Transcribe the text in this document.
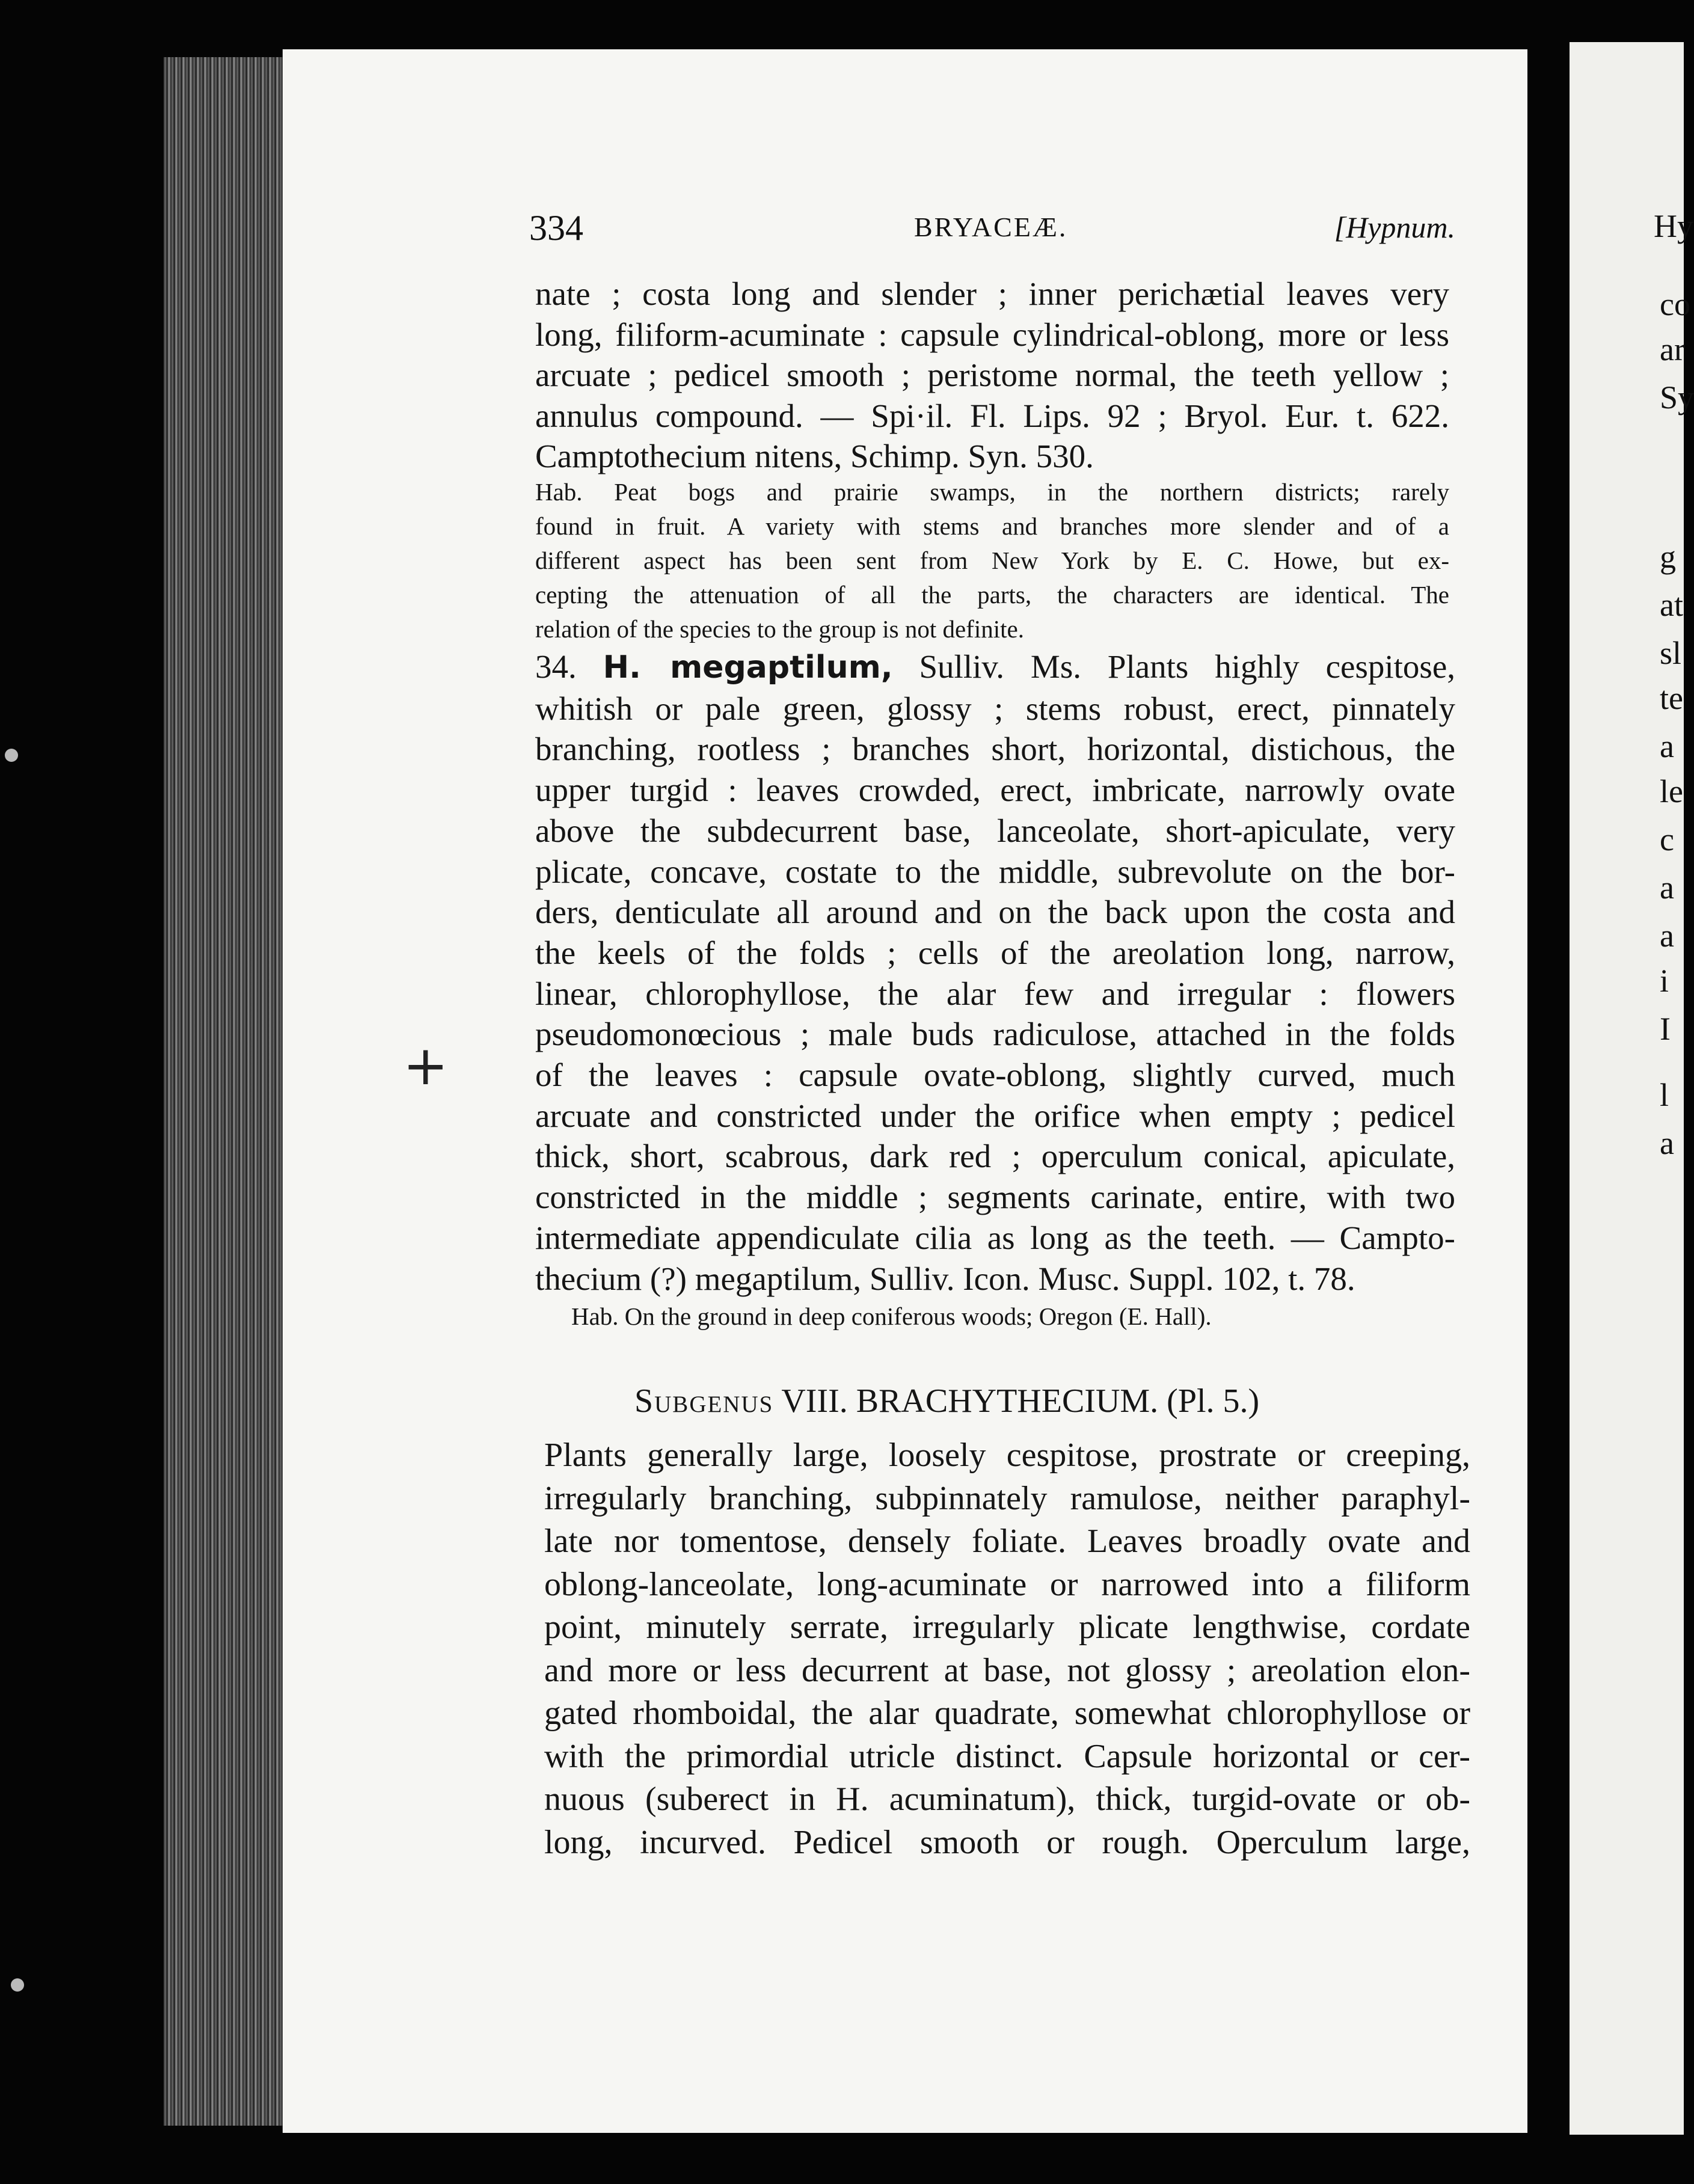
Hy
co
ar
Sy
g
at
sl
te
a
le
c
a
a
i
I
l
a
334	BRYACEÆ.	[Hypnum.
nate ; costa long and slender ; inner perichætial leaves very
long, filiform-acuminate : capsule cylindrical-oblong, more or less
arcuate ; pedicel smooth ; peristome normal, the teeth yellow ;
annulus compound. — Spi·il. Fl. Lips. 92 ; Bryol. Eur. t. 622.
Camptothecium nitens, Schimp. Syn. 530.
Hab. Peat bogs and prairie swamps, in the northern districts; rarely
found in fruit. A variety with stems and branches more slender and of a
different aspect has been sent from New York by E. C. Howe, but ex-
cepting the attenuation of all the parts, the characters are identical. The
relation of the species to the group is not definite.
34. H. megaptilum, Sulliv. Ms. Plants highly cespitose,
whitish or pale green, glossy ; stems robust, erect, pinnately
branching, rootless ; branches short, horizontal, distichous, the
upper turgid : leaves crowded, erect, imbricate, narrowly ovate
above the subdecurrent base, lanceolate, short-apiculate, very
plicate, concave, costate to the middle, subrevolute on the bor-
ders, denticulate all around and on the back upon the costa and
the keels of the folds ; cells of the areolation long, narrow,
linear, chlorophyllose, the alar few and irregular : flowers
pseudomonœcious ; male buds radiculose, attached in the folds
of the leaves : capsule ovate-oblong, slightly curved, much
arcuate and constricted under the orifice when empty ; pedicel
thick, short, scabrous, dark red ; operculum conical, apiculate,
constricted in the middle ; segments carinate, entire, with two
intermediate appendiculate cilia as long as the teeth. — Campto-
thecium (?) megaptilum, Sulliv. Icon. Musc. Suppl. 102, t. 78.
Hab. On the ground in deep coniferous woods; Oregon (E. Hall).
Subgenus VIII. BRACHYTHECIUM. (Pl. 5.)
Plants generally large, loosely cespitose, prostrate or creeping,
irregularly branching, subpinnately ramulose, neither paraphyl-
late nor tomentose, densely foliate. Leaves broadly ovate and
oblong-lanceolate, long-acuminate or narrowed into a filiform
point, minutely serrate, irregularly plicate lengthwise, cordate
and more or less decurrent at base, not glossy ; areolation elon-
gated rhomboidal, the alar quadrate, somewhat chlorophyllose or
with the primordial utricle distinct. Capsule horizontal or cer-
nuous (suberect in H. acuminatum), thick, turgid-ovate or ob-
long, incurved. Pedicel smooth or rough. Operculum large,
+
